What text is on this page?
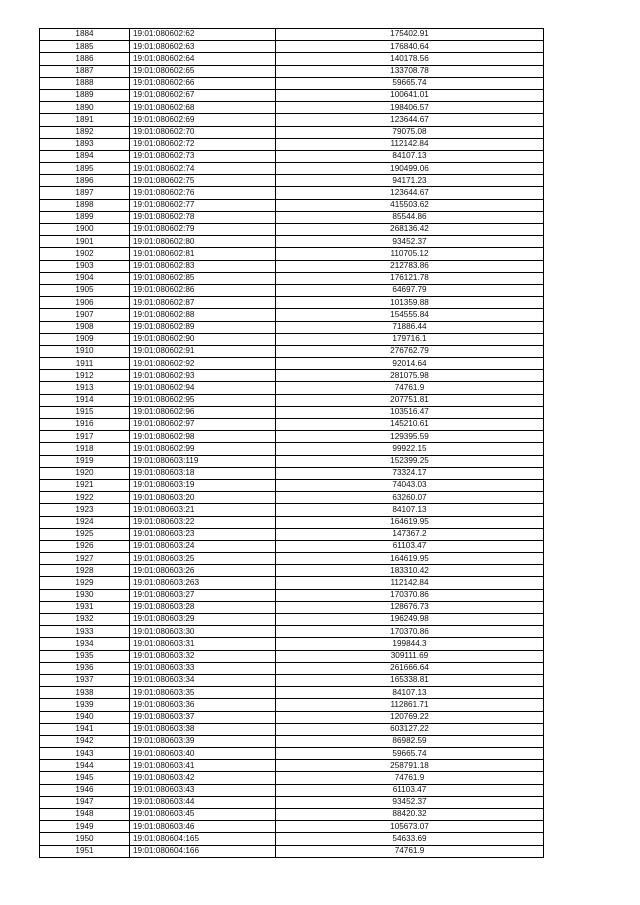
1884	19:01:080602:62	175402.91
1885	19:01:080602:63	176840.64
1886	19:01:080602:64	140178.56
1887	19:01:080602:65	133708.78
1888	19:01:080602:66	59665.74
1889	19:01:080602:67	100641.01
1890	19:01:080602:68	198406.57
1891	19:01:080602:69	123644.67
1892	19:01:080602:70	79075.08
1893	19:01:080602:72	112142.84
1894	19:01:080602:73	84107.13
1895	19:01:080602:74	190499.06
1896	19:01:080602:75	94171.23
1897	19:01:080602:76	123644.67
1898	19:01:080602:77	415503.62
1899	19:01:080602:78	85544.86
1900	19:01:080602:79	268136.42
1901	19:01:080602:80	93452.37
1902	19:01:080602:81	110705.12
1903	19:01:080602:83	212783.86
1904	19:01:080602:85	176121.78
1905	19:01:080602:86	64697.79
1906	19:01:080602:87	101359.88
1907	19:01:080602:88	154555.84
1908	19:01:080602:89	71886.44
1909	19:01:080602:90	179716.1
1910	19:01:080602:91	276762.79
1911	19:01:080602:92	92014.64
1912	19:01:080602:93	281075.98
1913	19:01:080602:94	74761.9
1914	19:01:080602:95	207751.81
1915	19:01:080602:96	103516.47
1916	19:01:080602:97	145210.61
1917	19:01:080602:98	129395.59
1918	19:01:080602:99	99922.15
1919	19:01:080603:119	152399.25
1920	19:01:080603:18	73324.17
1921	19:01:080603:19	74043.03
1922	19:01:080603:20	63260.07
1923	19:01:080603:21	84107.13
1924	19:01:080603:22	164619.95
1925	19:01:080603:23	147367.2
1926	19:01:080603:24	61103.47
1927	19:01:080603:25	164619.95
1928	19:01:080603:26	183310.42
1929	19:01:080603:263	112142.84
1930	19:01:080603:27	170370.86
1931	19:01:080603:28	128676.73
1932	19:01:080603:29	196249.98
1933	19:01:080603:30	170370.86
1934	19:01:080603:31	199844.3
1935	19:01:080603:32	309111.69
1936	19:01:080603:33	261666.64
1937	19:01:080603:34	165338.81
1938	19:01:080603:35	84107.13
1939	19:01:080603:36	112861.71
1940	19:01:080603:37	120769.22
1941	19:01:080603:38	603127.22
1942	19:01:080603:39	86982.59
1943	19:01:080603:40	59665.74
1944	19:01:080603:41	258791.18
1945	19:01:080603:42	74761.9
1946	19:01:080603:43	61103.47
1947	19:01:080603:44	93452.37
1948	19:01:080603:45	88420.32
1949	19:01:080603:46	105673.07
1950	19:01:080604:165	54633.69
1951	19:01:080604:166	74761.9
